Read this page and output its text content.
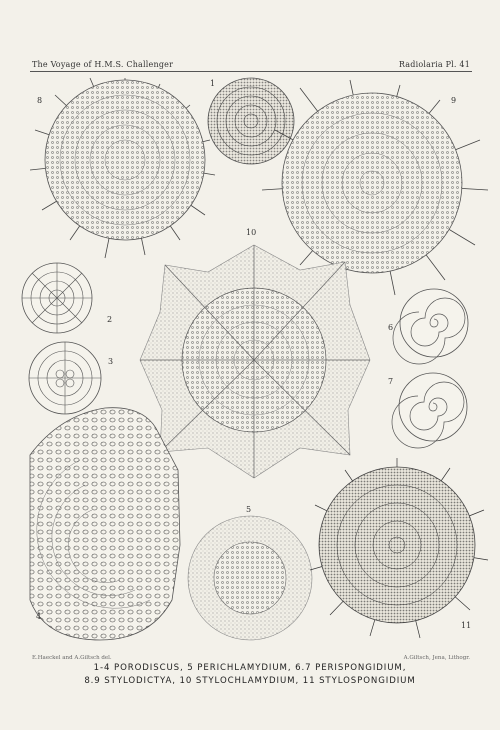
The Voyage of H.M.S. Challenger	Radiolaria Pl. 41
8
1
9
10
2
3
6
7
4
5
11
E.Haeckel and A.Giltsch del.	A.Giltsch, Jena, Lithogr.
1-4 PORODISCUS, 5 PERICHLAMYDIUM, 6.7 PERISPONGIDIUM,
8.9 STYLODICTYA, 10 STYLOCHLAMYDIUM, 11 STYLOSPONGIDIUM
